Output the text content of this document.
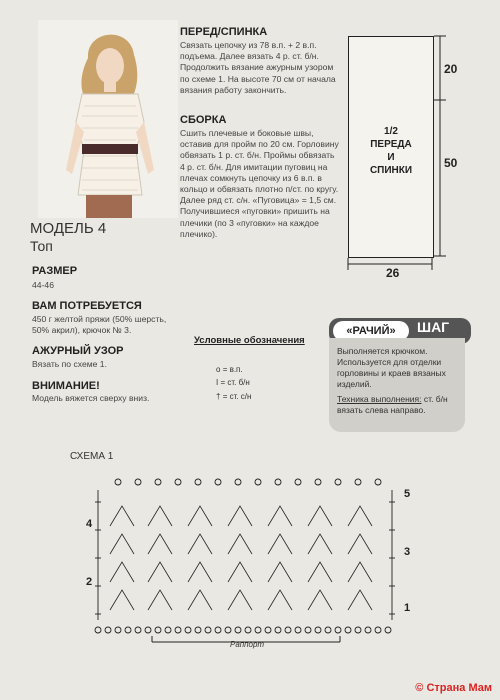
МОДЕЛЬ 4
Топ
РАЗМЕР
44-46
ВАМ ПОТРЕБУЕТСЯ
450 г желтой пряжи (50% шерсть, 50% акрил), крючок № 3.
АЖУРНЫЙ УЗОР
Вязать по схеме 1.
ВНИМАНИЕ!
Модель вяжется сверху вниз.
ПЕРЕД/СПИНКА
Связать цепочку из 78 в.п. + 2 в.п. подъема. Далее вязать 4 р. ст. б/н. Продолжить вязание ажурным узором по схеме 1. На высоте 70 см от начала вязания работу закончить.
СБОРКА
Сшить плечевые и боковые швы, оставив для пройм по 20 см. Горловину обвязать 1 р. ст. б/н. Проймы обвязать 4 р. ст. б/н. Для имитации пуговиц на плечах сомкнуть цепочку из 6 в.п. в кольцо и обвязать плотно п/ст. по кругу. Далее ряд ст. с/н. «Пуговица» = 1,5 см. Получившиеся «пуговки» пришить на плечики (по 3 «пуговки» на каждое плечико).
1/2
ПЕРЕДА
И
СПИНКИ
20
50
26
Условные обозначения
o = в.п.
I = ст. б/н
† = ст. с/н
«РАЧИЙ»	ШАГ

Выполняется крючком. Используется для отделки горловины и краев вязаных изделий.

Техника выполнения: ст. б/н вязать слева направо.

СХЕМА 1
4
2
5
3
1
Раппорт
© Страна Мам
